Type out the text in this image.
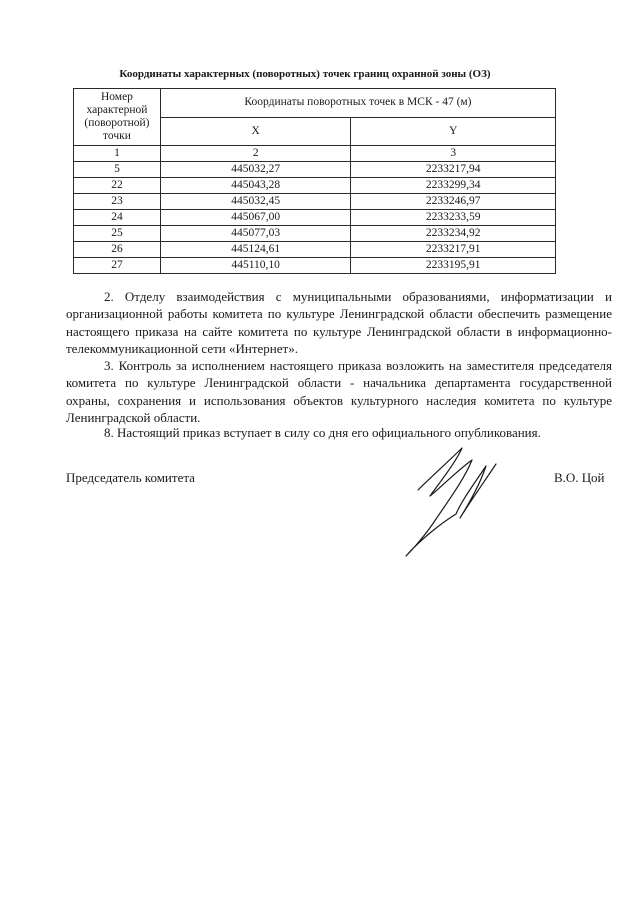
Координаты характерных (поворотных) точек границ охранной зоны (ОЗ)
Номер характерной (поворотной) точки	Координаты поворотных точек в МСК - 47 (м)	
	X	Y
1	2	3
5	445032,27	2233217,94
22	445043,28	2233299,34
23	445032,45	2233246,97
24	445067,00	2233233,59
25	445077,03	2233234,92
26	445124,61	2233217,91
27	445110,10	2233195,91
2. Отделу взаимодействия с муниципальными образованиями, информатизации и организационной работы комитета по культуре Ленинградской области обеспечить размещение настоящего приказа на сайте комитета по культуре Ленинградской области в информационно-телекоммуникационной сети «Интернет».
3. Контроль за исполнением настоящего приказа возложить на заместителя председателя комитета по культуре Ленинградской области - начальника департамента государственной охраны, сохранения и использования объектов культурного наследия комитета по культуре Ленинградской области.
8. Настоящий приказ вступает в силу со дня его официального опубликования.
Председатель комитета	В.О. Цой
